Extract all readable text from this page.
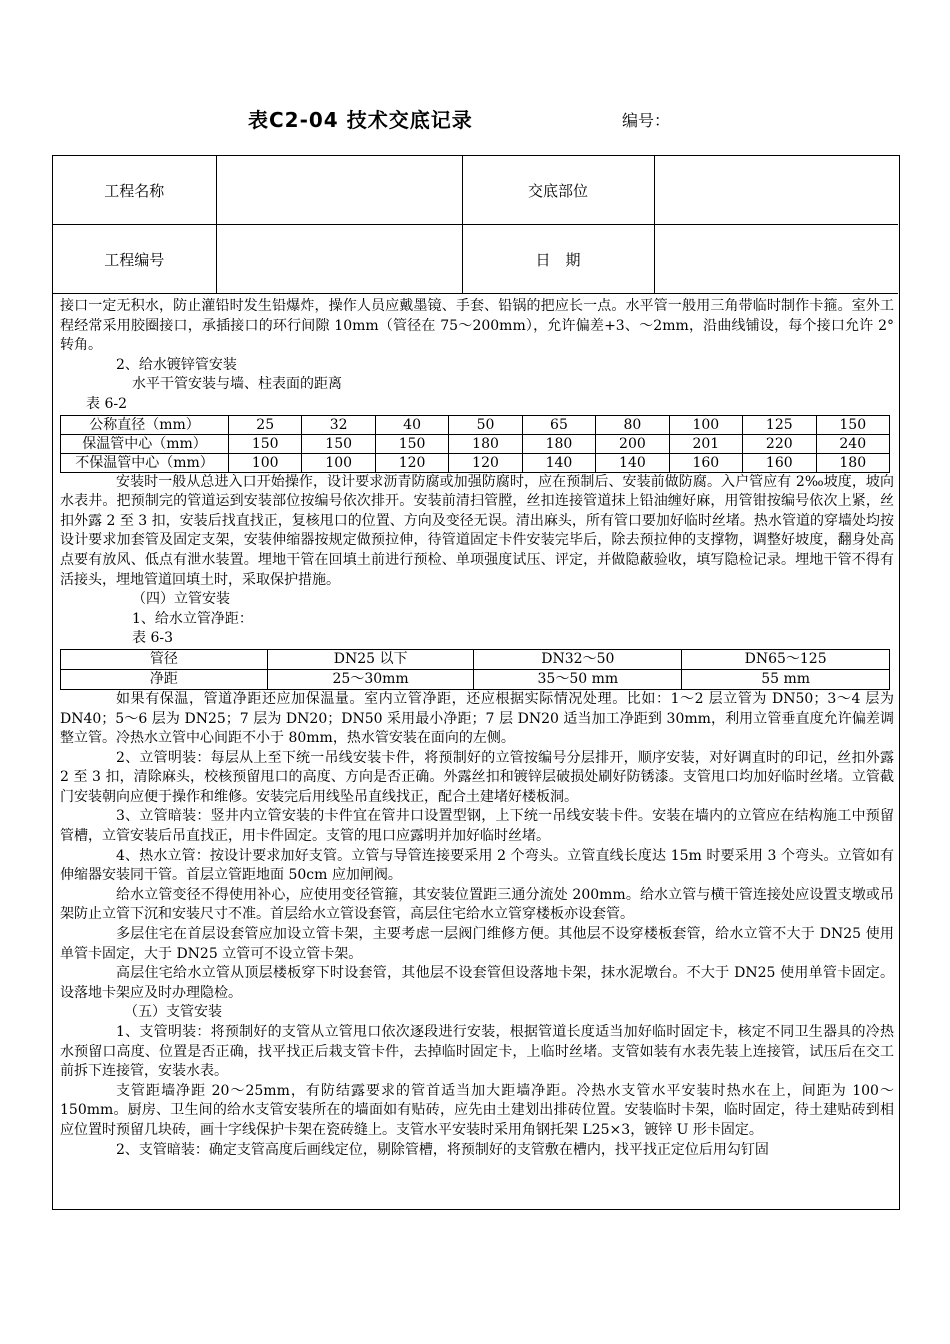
表C2-04 技术交底记录	编号：
工程名称		交底部位	
工程编号		日　期	

接口一定无积水，防止灌铅时发生铅爆炸，操作人员应戴墨镜、手套、铅锅的把应长一点。水平管一般用三角带临时制作卡箍。室外工程经常采用胶圈接口，承插接口的环行间隙 10mm（管径在 75～200mm），允许偏差+3、～2mm，沿曲线铺设，每个接口允许 2° 转角。

2、给水镀锌管安装

水平干管安装与墙、柱表面的距离

表 6-2

公称直径（mm）	25	32	40	50	65	80	100	125	150
保温管中心（mm）	150	150	150	180	180	200	201	220	240
不保温管中心（mm）	100	100	120	120	140	140	160	160	180

安装时一般从总进入口开始操作，设计要求沥青防腐或加强防腐时，应在预制后、安装前做防腐。入户管应有 2‰坡度，坡向水表井。把预制完的管道运到安装部位按编号依次排开。安装前清扫管膛，丝扣连接管道抹上铅油缠好麻，用管钳按编号依次上紧，丝扣外露 2 至 3 扣，安装后找直找正，复核甩口的位置、方向及变径无误。清出麻头，所有管口要加好临时丝堵。热水管道的穿墙处均按设计要求加套管及固定支架，安装伸缩器按规定做预拉伸，待管道固定卡件安装完毕后，除去预拉伸的支撑物，调整好坡度，翻身处高点要有放风、低点有泄水装置。埋地干管在回填土前进行预检、单项强度试压、评定，并做隐蔽验收，填写隐检记录。埋地干管不得有活接头，埋地管道回填土时，采取保护措施。

（四）立管安装

1、给水立管净距：

表 6-3

管径	DN25 以下	DN32～50	DN65～125
净距	25～30mm	35～50 mm	55 mm

如果有保温，管道净距还应加保温量。室内立管净距，还应根据实际情况处理。比如：1～2 层立管为 DN50；3～4 层为 DN40；5～6 层为 DN25；7 层为 DN20；DN50 采用最小净距；7 层 DN20 适当加工净距到 30mm，利用立管垂直度允许偏差调整立管。冷热水立管中心间距不小于 80mm，热水管安装在面向的左侧。

2、立管明装：每层从上至下统一吊线安装卡件，将预制好的立管按编号分层排开，顺序安装，对好调直时的印记，丝扣外露 2 至 3 扣，清除麻头，校核预留甩口的高度、方向是否正确。外露丝扣和镀锌层破损处刷好防锈漆。支管甩口均加好临时丝堵。立管截门安装朝向应便于操作和维修。安装完后用线坠吊直线找正，配合土建堵好楼板洞。

3、立管暗装：竖井内立管安装的卡件宜在管井口设置型钢，上下统一吊线安装卡件。安装在墙内的立管应在结构施工中预留管槽，立管安装后吊直找正，用卡件固定。支管的甩口应露明并加好临时丝堵。

4、热水立管：按设计要求加好支管。立管与导管连接要采用 2 个弯头。立管直线长度达 15m 时要采用 3 个弯头。立管如有伸缩器安装同干管。首层立管距地面 50cm 应加闸阀。

给水立管变径不得使用补心，应使用变径管箍，其安装位置距三通分流处 200mm。给水立管与横干管连接处应设置支墩或吊架防止立管下沉和安装尺寸不准。首层给水立管设套管，高层住宅给水立管穿楼板亦设套管。

多层住宅在首层设套管应加设立管卡架，主要考虑一层阀门维修方便。其他层不设穿楼板套管，给水立管不大于 DN25 使用单管卡固定，大于 DN25 立管可不设立管卡架。

高层住宅给水立管从顶层楼板穿下时设套管，其他层不设套管但设落地卡架，抹水泥墩台。不大于 DN25 使用单管卡固定。设落地卡架应及时办理隐检。

（五）支管安装

1、支管明装：将预制好的支管从立管甩口依次逐段进行安装，根据管道长度适当加好临时固定卡，核定不同卫生器具的冷热水预留口高度、位置是否正确，找平找正后栽支管卡件，去掉临时固定卡，上临时丝堵。支管如装有水表先装上连接管，试压后在交工前拆下连接管，安装水表。

支管距墙净距 20～25mm，有防结露要求的管首适当加大距墙净距。冷热水支管水平安装时热水在上，间距为 100～150mm。厨房、卫生间的给水支管安装所在的墙面如有贴砖，应先由土建划出排砖位置。安装临时卡架，临时固定，待土建贴砖到相应位置时预留几块砖，画十字线保护卡架在瓷砖缝上。支管水平安装时采用角钢托架 L25×3，镀锌 U 形卡固定。

2、支管暗装：确定支管高度后画线定位，剔除管槽，将预制好的支管敷在槽内，找平找正定位后用勾钉固
